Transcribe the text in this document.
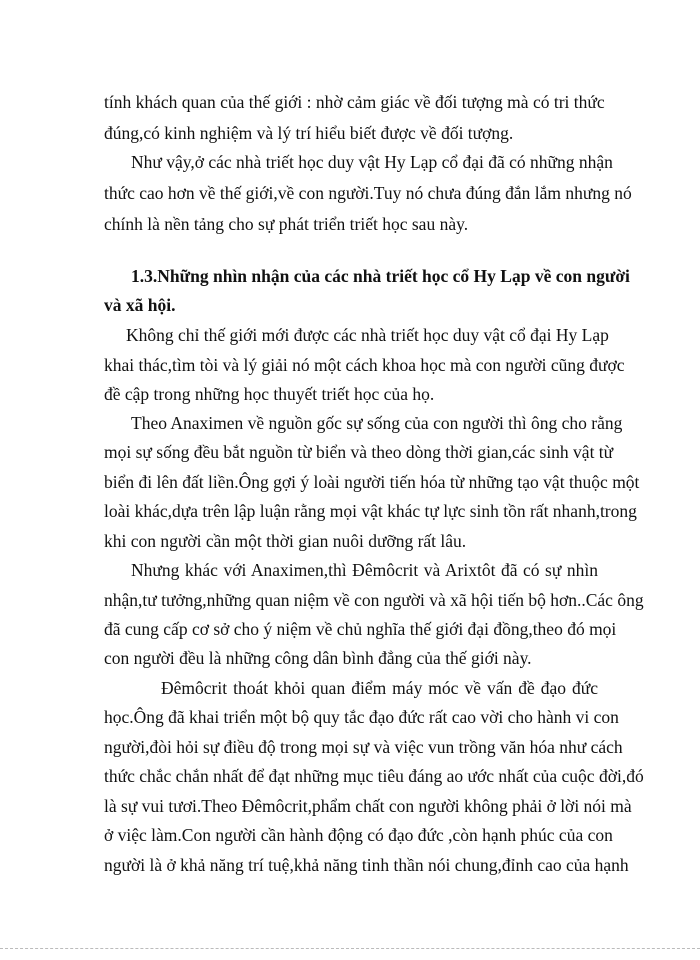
tính khách quan của thế giới : nhờ cảm giác về đối tượng mà có tri thức
đúng,có kinh nghiệm và lý trí hiểu biết được về đối tượng.
Như vậy,ở các nhà triết học duy vật Hy Lạp cổ đại đã có những nhận
thức cao hơn về thế giới,về con người.Tuy nó chưa đúng đắn lắm nhưng nó
chính là nền tảng cho sự phát triển triết học sau này.
1.3.Những nhìn nhận của các nhà triết học cổ Hy Lạp về con người
và xã hội.
Không chỉ thế giới mới được các nhà triết học duy vật cổ đại Hy Lạp
khai thác,tìm tòi và lý giải nó một cách khoa học mà con người cũng được
đề cập trong những học thuyết triết học của họ.
Theo Anaximen về nguồn gốc sự sống của con người thì ông cho rằng
mọi sự sống đều bắt nguồn từ biển và theo dòng thời gian,các sinh vật từ
biển đi lên đất liền.Ông gợi ý loài người tiến hóa từ những tạo vật thuộc một
loài khác,dựa trên lập luận rằng mọi vật khác tự lực sinh tồn rất nhanh,trong
khi con người cần một thời gian nuôi dưỡng rất lâu.
Nhưng khác với Anaximen,thì Đêmôcrit và Arixtôt đã có sự nhìn
nhận,tư tưởng,những quan niệm về con người và xã hội tiến bộ hơn..Các ông
đã cung cấp cơ sở cho ý niệm về chủ nghĩa thế giới đại đồng,theo đó mọi
con người đều là những công dân bình đẳng của thế giới này.
Đêmôcrit thoát khỏi quan điểm máy móc về vấn đề đạo đức
học.Ông đã khai triển một bộ quy tắc đạo đức rất cao vời cho hành vi con
người,đòi hỏi sự điều độ trong mọi sự và việc vun trồng văn hóa như cách
thức chắc chắn nhất để đạt những mục tiêu đáng ao ước nhất của cuộc đời,đó
là sự vui tươi.Theo Đêmôcrit,phẩm chất con người không phải ở lời nói mà
ở việc làm.Con người cần hành động có đạo đức ,còn hạnh phúc của con
người là ở khả năng trí tuệ,khả năng tinh thần nói chung,đỉnh cao của hạnh
